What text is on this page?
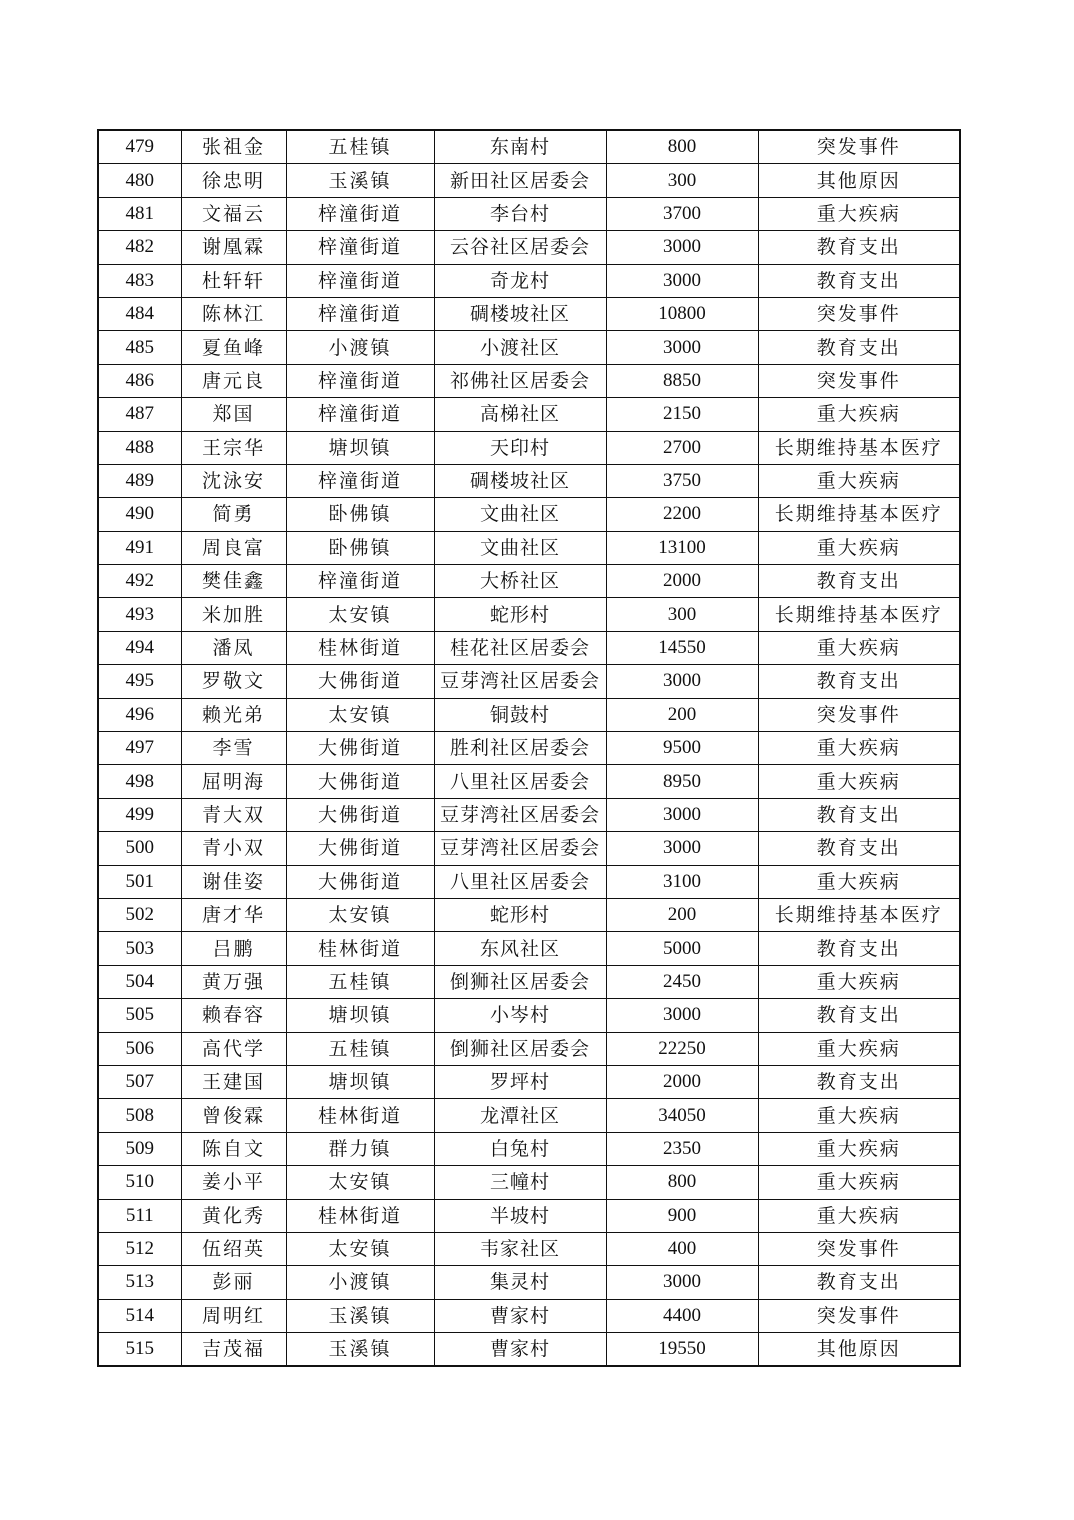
479	张祖金	五桂镇	东南村	800	突发事件
480	徐忠明	玉溪镇	新田社区居委会	300	其他原因
481	文福云	梓潼街道	李台村	3700	重大疾病
482	谢凰霖	梓潼街道	云谷社区居委会	3000	教育支出
483	杜轩轩	梓潼街道	奇龙村	3000	教育支出
484	陈林江	梓潼街道	碉楼坡社区	10800	突发事件
485	夏鱼峰	小渡镇	小渡社区	3000	教育支出
486	唐元良	梓潼街道	祁佛社区居委会	8850	突发事件
487	郑国	梓潼街道	高梯社区	2150	重大疾病
488	王宗华	塘坝镇	天印村	2700	长期维持基本医疗
489	沈泳安	梓潼街道	碉楼坡社区	3750	重大疾病
490	简勇	卧佛镇	文曲社区	2200	长期维持基本医疗
491	周良富	卧佛镇	文曲社区	13100	重大疾病
492	樊佳鑫	梓潼街道	大桥社区	2000	教育支出
493	米加胜	太安镇	蛇形村	300	长期维持基本医疗
494	潘凤	桂林街道	桂花社区居委会	14550	重大疾病
495	罗敬文	大佛街道	豆芽湾社区居委会	3000	教育支出
496	赖光弟	太安镇	铜鼓村	200	突发事件
497	李雪	大佛街道	胜利社区居委会	9500	重大疾病
498	屈明海	大佛街道	八里社区居委会	8950	重大疾病
499	青大双	大佛街道	豆芽湾社区居委会	3000	教育支出
500	青小双	大佛街道	豆芽湾社区居委会	3000	教育支出
501	谢佳姿	大佛街道	八里社区居委会	3100	重大疾病
502	唐才华	太安镇	蛇形村	200	长期维持基本医疗
503	吕鹏	桂林街道	东风社区	5000	教育支出
504	黄万强	五桂镇	倒狮社区居委会	2450	重大疾病
505	赖春容	塘坝镇	小岑村	3000	教育支出
506	高代学	五桂镇	倒狮社区居委会	22250	重大疾病
507	王建国	塘坝镇	罗坪村	2000	教育支出
508	曾俊霖	桂林街道	龙潭社区	34050	重大疾病
509	陈自文	群力镇	白兔村	2350	重大疾病
510	姜小平	太安镇	三幢村	800	重大疾病
511	黄化秀	桂林街道	半坡村	900	重大疾病
512	伍绍英	太安镇	韦家社区	400	突发事件
513	彭丽	小渡镇	集灵村	3000	教育支出
514	周明红	玉溪镇	曹家村	4400	突发事件
515	吉茂福	玉溪镇	曹家村	19550	其他原因
